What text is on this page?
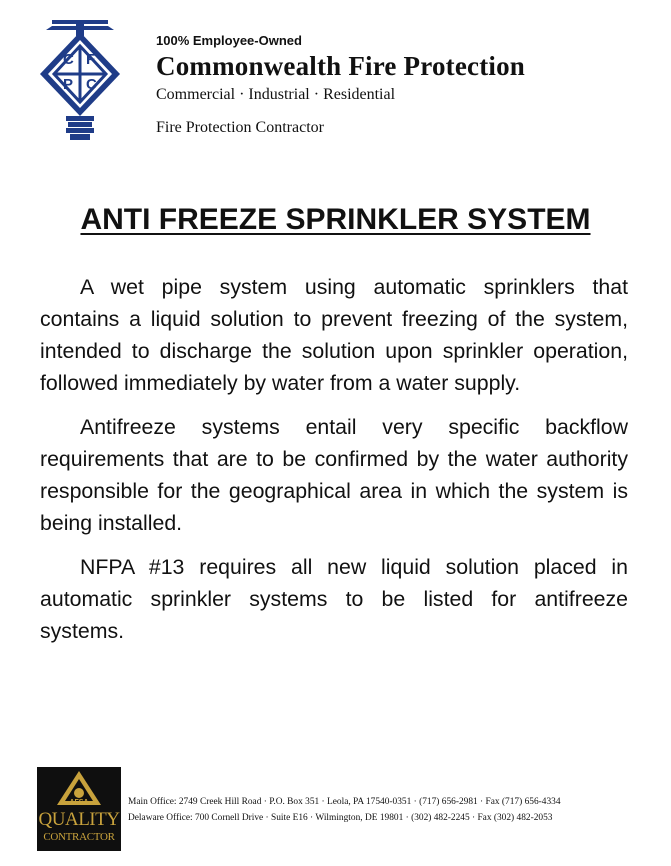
C F
P C
PWO	SES
100% Employee-Owned
Commonwealth Fire Protection
Commercial · Industrial · Residential
Fire Protection Contractor
ANTI FREEZE SPRINKLER SYSTEM

A wet pipe system using automatic sprinklers that contains a liquid solution to prevent freezing of the system, intended to discharge the solution upon sprinkler operation, followed immediately by water from a water supply.

Antifreeze systems entail very specific backflow requirements that are to be confirmed by the water authority responsible for the geographical area in which the system is being installed.

NFPA #13 requires all new liquid solution placed in automatic sprinkler systems to be listed for antifreeze systems.

AFSA
QUALITY
CONTRACTOR
Main Office: 2749 Creek Hill Road · P.O. Box 351 · Leola, PA 17540-0351 · (717) 656-2981 · Fax (717) 656-4334
Delaware Office: 700 Cornell Drive · Suite E16 · Wilmington, DE 19801 · (302) 482-2245 · Fax (302) 482-2053
